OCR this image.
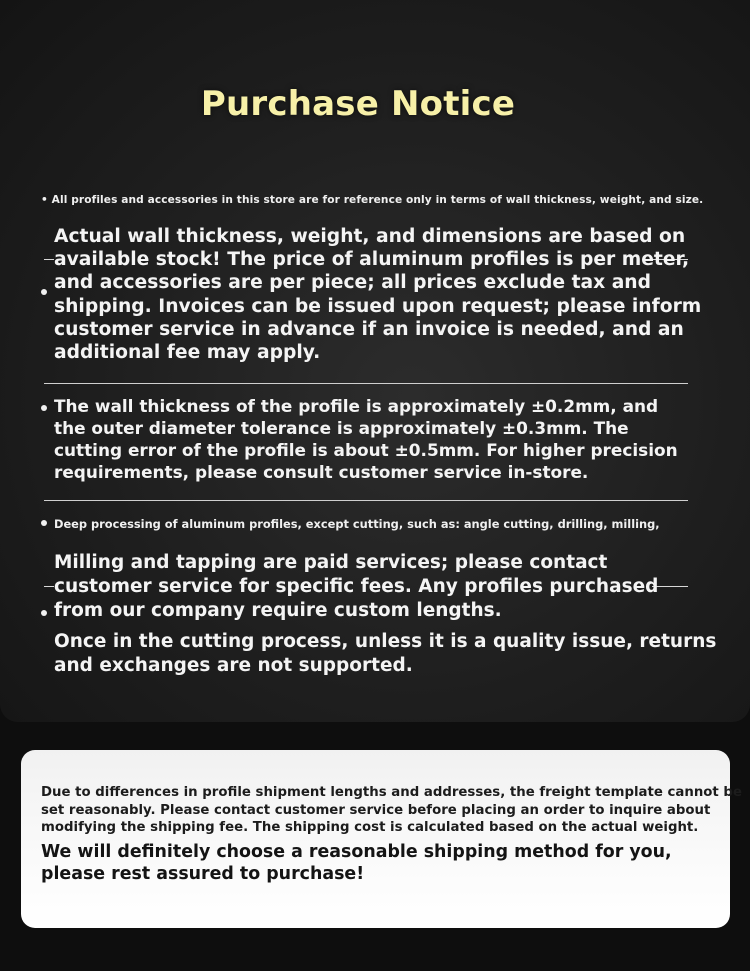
Purchase Notice
• All profiles and accessories in this store are for reference only in terms of wall thickness, weight, and size.
Actual wall thickness, weight, and dimensions are based on
available stock! The price of aluminum profiles is per meter,
and accessories are per piece; all prices exclude tax and
shipping. Invoices can be issued upon request; please inform
customer service in advance if an invoice is needed, and an
additional fee may apply.
The wall thickness of the profile is approximately ±0.2mm, and
the outer diameter tolerance is approximately ±0.3mm. The
cutting error of the profile is about ±0.5mm. For higher precision
requirements, please consult customer service in-store.
Deep processing of aluminum profiles, except cutting, such as: angle cutting, drilling, milling,
Milling and tapping are paid services; please contact
customer service for specific fees. Any profiles purchased
from our company require custom lengths.
Once in the cutting process, unless it is a quality issue, returns
and exchanges are not supported.
Due to differences in profile shipment lengths and addresses, the freight template cannot be
set reasonably. Please contact customer service before placing an order to inquire about
modifying the shipping fee. The shipping cost is calculated based on the actual weight.
We will definitely choose a reasonable shipping method for you,
please rest assured to purchase!
